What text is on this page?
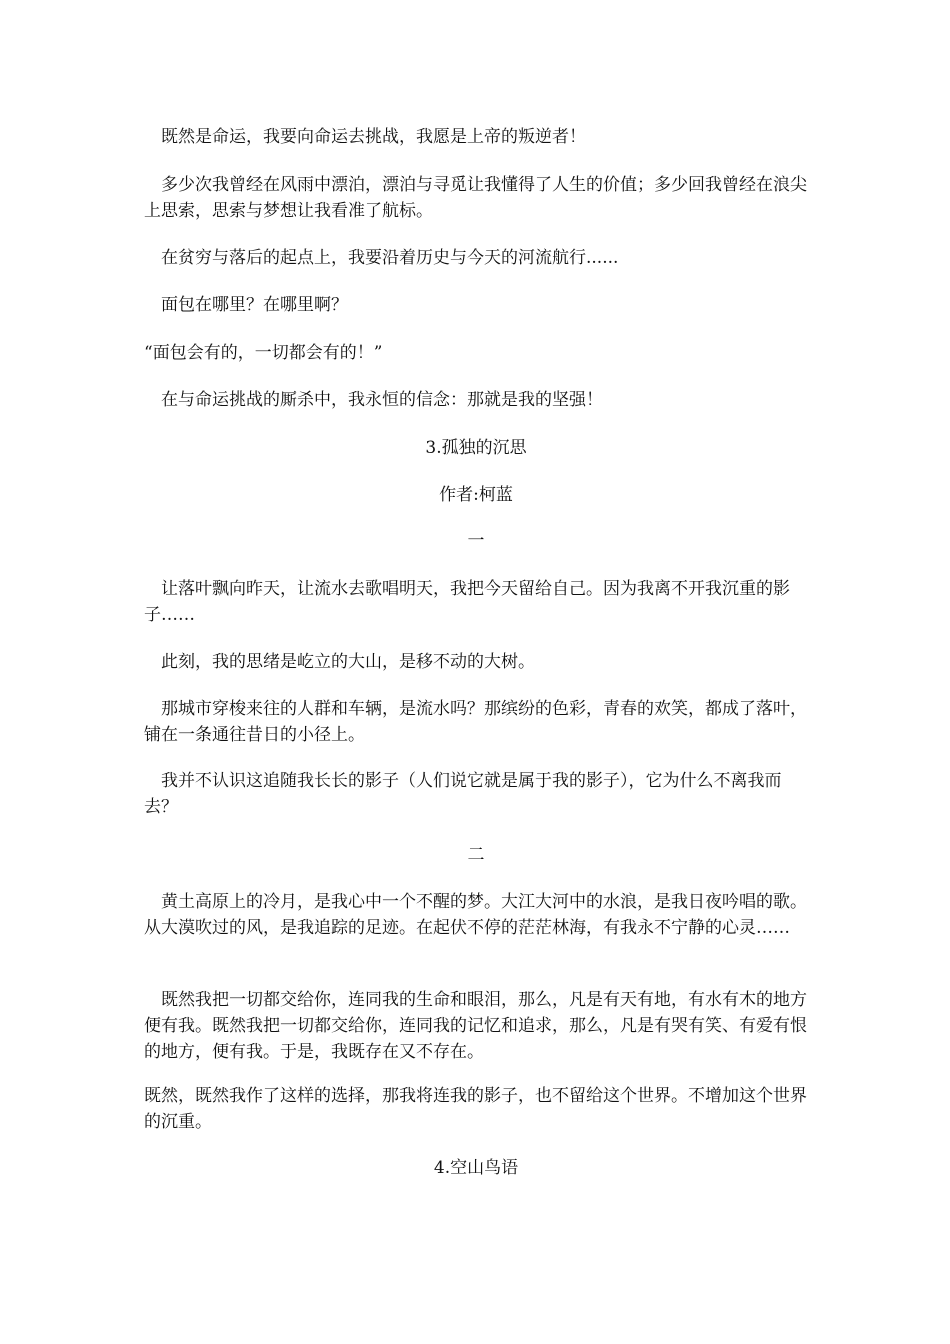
　既然是命运，我要向命运去挑战，我愿是上帝的叛逆者！

　多少次我曾经在风雨中漂泊，漂泊与寻觅让我懂得了人生的价值；多少回我曾经在浪尖上思索，思索与梦想让我看准了航标。

　在贫穷与落后的起点上，我要沿着历史与今天的河流航行......

　面包在哪里？在哪里啊？

“面包会有的，一切都会有的！”

　在与命运挑战的厮杀中，我永恒的信念：那就是我的坚强！

3.孤独的沉思

作者:柯蓝

一

　让落叶飘向昨天，让流水去歌唱明天，我把今天留给自己。因为我离不开我沉重的影子……

　此刻，我的思绪是屹立的大山，是移不动的大树。

　那城市穿梭来往的人群和车辆，是流水吗？那缤纷的色彩，青春的欢笑，都成了落叶，铺在一条通往昔日的小径上。

　我并不认识这追随我长长的影子（人们说它就是属于我的影子），它为什么不离我而去？

二

　黄土高原上的冷月，是我心中一个不醒的梦。大江大河中的水浪，是我日夜吟唱的歌。从大漠吹过的风，是我追踪的足迹。在起伏不停的茫茫林海，有我永不宁静的心灵……

　既然我把一切都交给你，连同我的生命和眼泪，那么，凡是有天有地，有水有木的地方便有我。既然我把一切都交给你，连同我的记忆和追求，那么，凡是有哭有笑、有爱有恨的地方，便有我。于是，我既存在又不存在。

既然，既然我作了这样的选择，那我将连我的影子，也不留给这个世界。不增加这个世界的沉重。

4.空山鸟语
